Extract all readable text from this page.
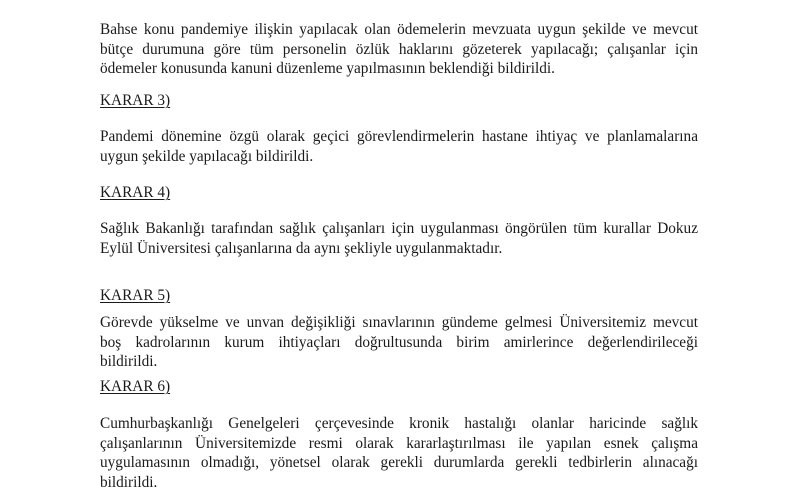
Bahse konu pandemiye ilişkin yapılacak olan ödemelerin mevzuata uygun şekilde ve mevcut
bütçe durumuna göre tüm personelin özlük haklarını gözeterek yapılacağı; çalışanlar için
ödemeler konusunda kanuni düzenleme yapılmasının beklendiği bildirildi.

KARAR 3)

Pandemi dönemine özgü olarak geçici görevlendirmelerin hastane ihtiyaç ve planlamalarına
uygun şekilde yapılacağı bildirildi.

KARAR 4)

Sağlık Bakanlığı tarafından sağlık çalışanları için uygulanması öngörülen tüm kurallar Dokuz
Eylül Üniversitesi çalışanlarına da aynı şekliyle uygulanmaktadır.

KARAR 5)

Görevde yükselme ve unvan değişikliği sınavlarının gündeme gelmesi Üniversitemiz mevcut
boş kadrolarının kurum ihtiyaçları doğrultusunda birim amirlerince değerlendirileceği
bildirildi.

KARAR 6)

Cumhurbaşkanlığı Genelgeleri çerçevesinde kronik hastalığı olanlar haricinde sağlık
çalışanlarının Üniversitemizde resmi olarak kararlaştırılması ile yapılan esnek çalışma
uygulamasının olmadığı, yönetsel olarak gerekli durumlarda gerekli tedbirlerin alınacağı
bildirildi.
